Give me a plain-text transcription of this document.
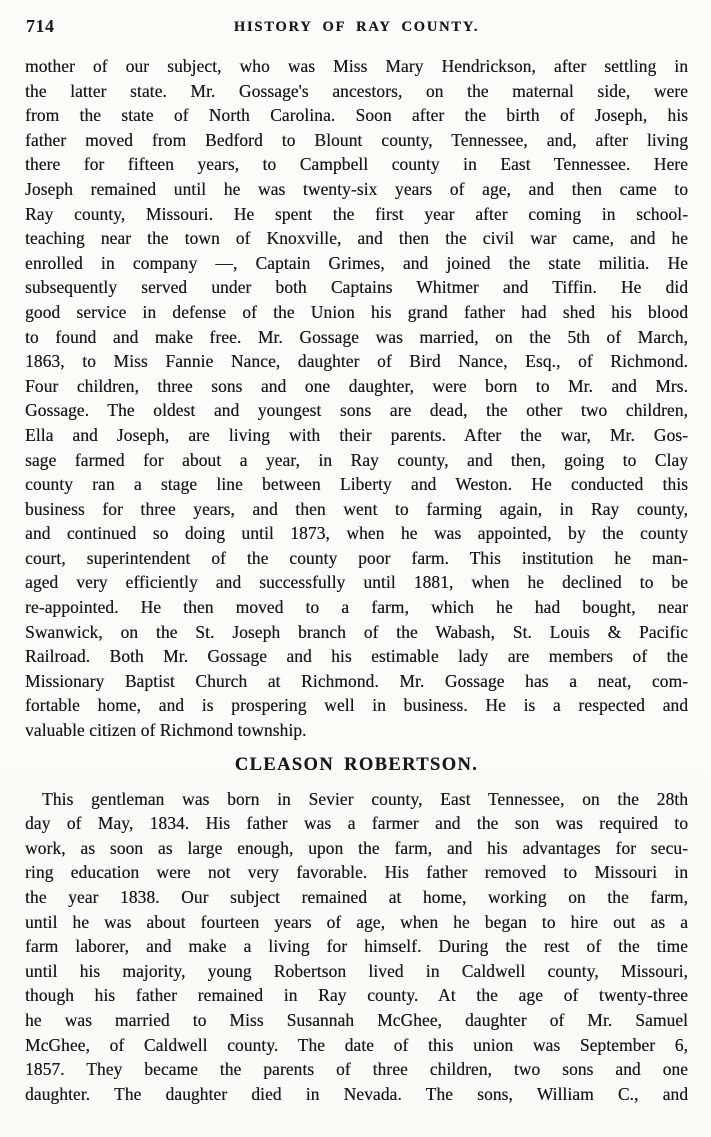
714	HISTORY OF RAY COUNTY.
mother of our subject, who was Miss Mary Hendrickson, after settling in
the latter state. Mr. Gossage's ancestors, on the maternal side, were
from the state of North Carolina. Soon after the birth of Joseph, his
father moved from Bedford to Blount county, Tennessee, and, after living
there for fifteen years, to Campbell county in East Tennessee. Here
Joseph remained until he was twenty-six years of age, and then came to
Ray county, Missouri. He spent the first year after coming in school-
teaching near the town of Knoxville, and then the civil war came, and he
enrolled in company —, Captain Grimes, and joined the state militia. He
subsequently served under both Captains Whitmer and Tiffin. He did
good service in defense of the Union his grand father had shed his blood
to found and make free. Mr. Gossage was married, on the 5th of March,
1863, to Miss Fannie Nance, daughter of Bird Nance, Esq., of Richmond.
Four children, three sons and one daughter, were born to Mr. and Mrs.
Gossage. The oldest and youngest sons are dead, the other two children,
Ella and Joseph, are living with their parents. After the war, Mr. Gos-
sage farmed for about a year, in Ray county, and then, going to Clay
county ran a stage line between Liberty and Weston. He conducted this
business for three years, and then went to farming again, in Ray county,
and continued so doing until 1873, when he was appointed, by the county
court, superintendent of the county poor farm. This institution he man-
aged very efficiently and successfully until 1881, when he declined to be
re-appointed. He then moved to a farm, which he had bought, near
Swanwick, on the St. Joseph branch of the Wabash, St. Louis & Pacific
Railroad. Both Mr. Gossage and his estimable lady are members of the
Missionary Baptist Church at Richmond. Mr. Gossage has a neat, com-
fortable home, and is prospering well in business. He is a respected and
valuable citizen of Richmond township.
CLEASON ROBERTSON.
This gentleman was born in Sevier county, East Tennessee, on the 28th
day of May, 1834. His father was a farmer and the son was required to
work, as soon as large enough, upon the farm, and his advantages for secu-
ring education were not very favorable. His father removed to Missouri in
the year 1838. Our subject remained at home, working on the farm,
until he was about fourteen years of age, when he began to hire out as a
farm laborer, and make a living for himself. During the rest of the time
until his majority, young Robertson lived in Caldwell county, Missouri,
though his father remained in Ray county. At the age of twenty-three
he was married to Miss Susannah McGhee, daughter of Mr. Samuel
McGhee, of Caldwell county. The date of this union was September 6,
1857. They became the parents of three children, two sons and one
daughter. The daughter died in Nevada. The sons, William C., and
